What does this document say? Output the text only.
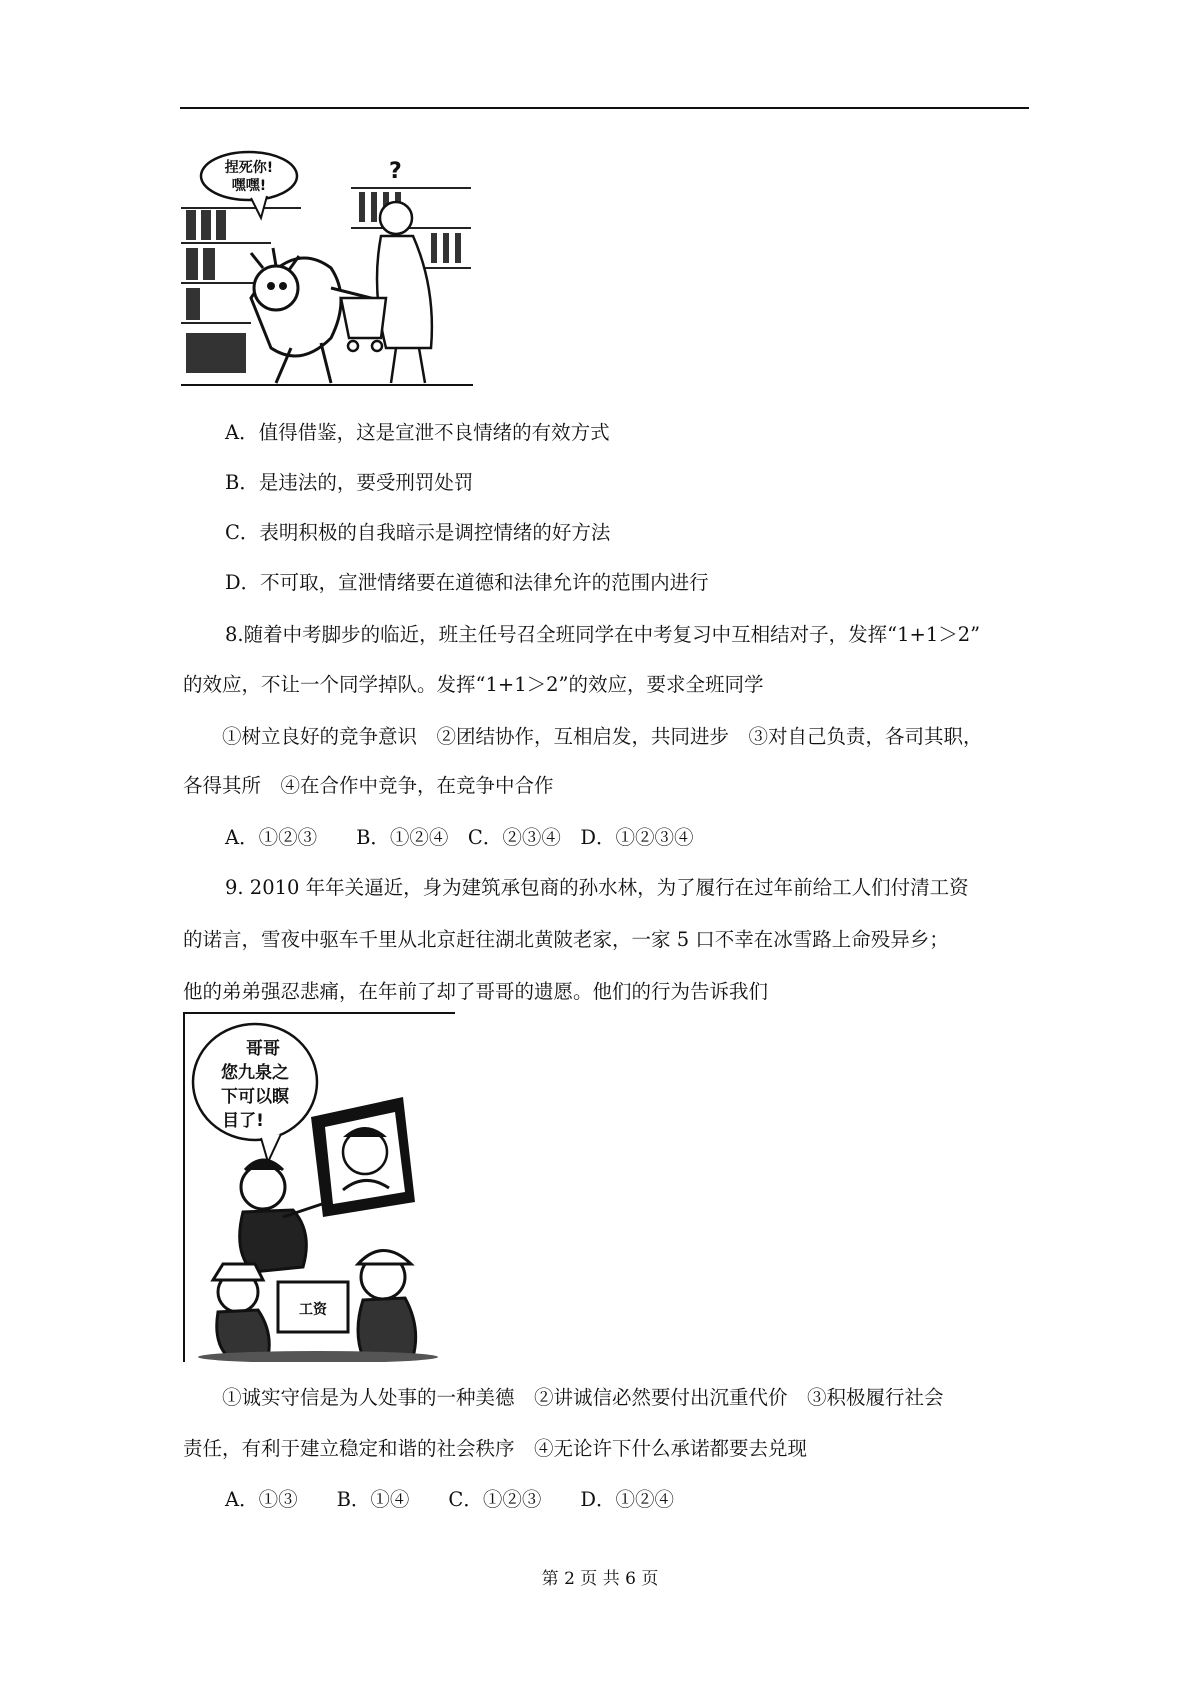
捏死你!
嘿嘿!
?
A．值得借鉴，这是宣泄不良情绪的有效方式
B．是违法的，要受刑罚处罚
C．表明积极的自我暗示是调控情绪的好方法
D．不可取，宣泄情绪要在道德和法律允许的范围内进行
8.随着中考脚步的临近，班主任号召全班同学在中考复习中互相结对子，发挥“1+1＞2”
的效应，不让一个同学掉队。发挥“1+1＞2”的效应，要求全班同学
①树立良好的竞争意识　②团结协作，互相启发，共同进步　③对自己负责，各司其职，
各得其所　④在合作中竞争，在竞争中合作
A．①②③　　B．①②④　C．②③④　D．①②③④
9. 2010 年年关逼近，身为建筑承包商的孙水林，为了履行在过年前给工人们付清工资
的诺言，雪夜中驱车千里从北京赶往湖北黄陂老家，一家 5 口不幸在冰雪路上命殁异乡；
他的弟弟强忍悲痛，在年前了却了哥哥的遗愿。他们的行为告诉我们
哥哥
您九泉之
下可以瞑
目了!
工资
①诚实守信是为人处事的一种美德　②讲诚信必然要付出沉重代价　③积极履行社会
责任，有利于建立稳定和谐的社会秩序　④无论许下什么承诺都要去兑现
A．①③　　B．①④　　C．①②③　　D．①②④
第 2 页 共 6 页
